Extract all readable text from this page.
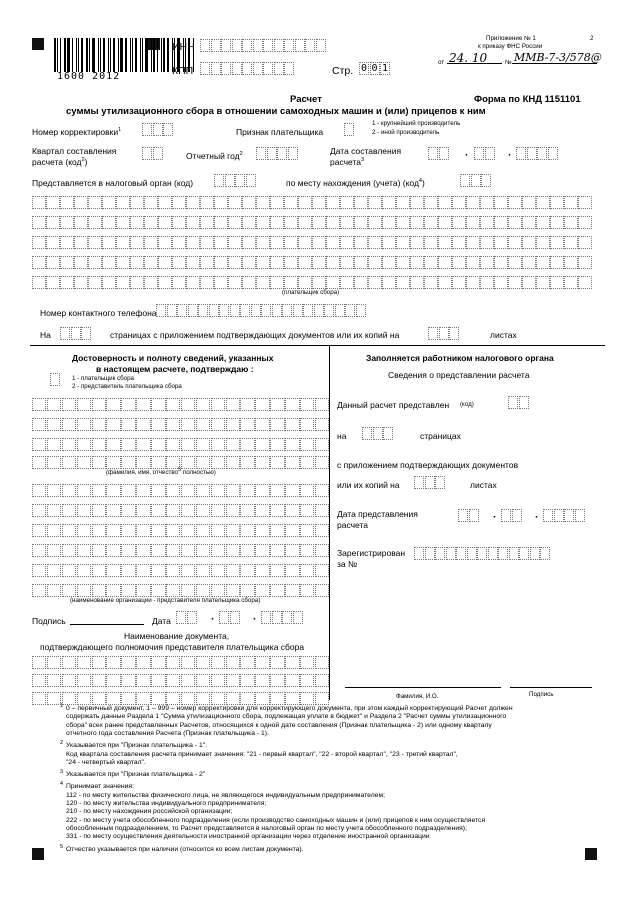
1600 2012
ИНН
КПП	Стр. 0 0 1
Приложение № 1	2
к приказу ФНС России
от 24. 10	№ ММВ-7-3/578@
Расчет	Форма по КНД 1151101
суммы утилизационного сбора в отношении самоходных машин и (или) прицепов к ним
Номер корректировки$^1$	Признак плательщика
1 - крупнейший производитель
2 - иной производитель
Квартал составления
расчета (код$^2$)
Отчетный год$^2$	Дата составления
расчета$^3$	·	·
Представляется в налоговый орган (код)	по месту нахождения (учета) (код$^4$)
(плательщик сбора)
Номер контактного телефона
На	страницах с приложением подтверждающих документов или их копий на	листах
Достоверность и полноту сведений, указанных
в настоящем расчете, подтверждаю :
1 - плательщик сбора
2 - представитель плательщика сбора
(фамилия, имя, отчество$^5$ полностью)
(наименование организации - представителя плательщика сбора)
Подпись	Дата	·	·
Наименование документа,
подтверждающего полномочия представителя плательщика сбора
Заполняется работником налогового органа
Сведения о представлении расчета
Данный расчет представлен (код)
на	страницах
с приложением подтверждающих документов
или их копий на	листах
Дата представления
расчета
·	·
Зарегистрирован
за №
Фамилия, И.О.	Подпись
1 0 – первичный документ, 1 – 999 – номер корректировки для корректирующего документа, при этом каждый корректирующий Расчет должен
содержать данные Раздела 1 "Сумма утилизационного сбора, подлежащая уплате в бюджет" и Раздела 2 "Расчет суммы утилизационного
сбора" всех ранее представленных Расчетов, относящихся к одной дате составления (Признак плательщика - 2) или одному кварталу
отчетного года составления Расчета (Признак плательщика - 1).
2 Указывается при "Признак плательщика - 1".
Код квартала составления расчета принимает значения: "21 - первый квартал", "22 - второй квартал", "23 - третий квартал",
"24 - четвертый квартал".
3 Указывается при "Признак плательщика - 2"
4 Принимает значения:
112 - по месту жительства физического лица, не являющегося индивидуальным предпринимателем;
120 - по месту жительства индивидуального предпринимателя;
210 - по месту нахождения российской организации;
222 - по месту учета обособленного подразделения (если производство самоходных машин и (или) прицепов к ним осуществляется
обособленным подразделением, то Расчет представляется в налоговый орган по месту учета обособленного подразделения);
331 - по месту осуществления деятельности иностранной организации через отделение иностранной организации
5 Отчество указывается при наличии (относится ко всем листам документа).
